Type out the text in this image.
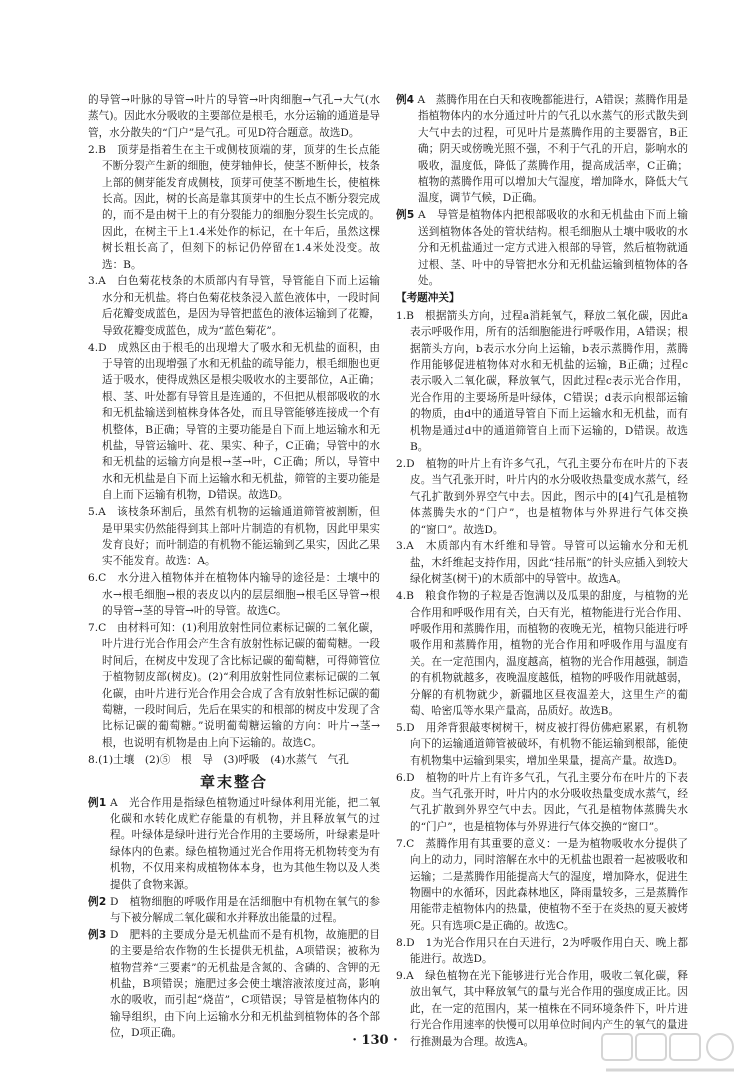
的导管→叶脉的导管→叶片的导管→叶肉细胞→气孔→大气(水蒸气)。因此水分吸收的主要部位是根毛，水分运输的通道是导管，水分散失的“门户”是气孔。可见D符合题意。故选D。

2.B　顶芽是指着生在主干或侧枝顶端的芽，顶芽的生长点能不断分裂产生新的细胞，使芽轴伸长，使茎不断伸长，枝条上部的侧芽能发育成侧枝，顶芽可使茎不断地生长，使植株长高。因此，树的长高是靠其顶芽中的生长点不断分裂完成的，而不是由树干上的有分裂能力的细胞分裂生长完成的。因此，在树主干上1.4米处作的标记，在十年后，虽然这棵树长粗长高了，但刻下的标记仍停留在1.4米处没变。故选：B。

3.A　白色菊花枝条的木质部内有导管，导管能自下而上运输水分和无机盐。将白色菊花枝条浸入蓝色液体中，一段时间后花瓣变成蓝色，是因为导管把蓝色的液体运输到了花瓣，导致花瓣变成蓝色，成为“蓝色菊花”。

4.D　成熟区由于根毛的出现增大了吸水和无机盐的面积，由于导管的出现增强了水和无机盐的疏导能力，根毛细胞也更适于吸水，使得成熟区是根尖吸收水的主要部位，A正确；根、茎、叶处都有导管且是连通的，不但把从根部吸收的水和无机盐输送到植株身体各处，而且导管能够连接成一个有机整体，B正确；导管的主要功能是自下而上地运输水和无机盐，导管运输叶、花、果实、种子，C正确；导管中的水和无机盐的运输方向是根→茎→叶，C正确；所以，导管中水和无机盐是自下而上运输水和无机盐，筛管的主要功能是自上而下运输有机物，D错误。故选D。

5.A　该枝条环割后，虽然有机物的运输通道筛管被割断，但是甲果实仍然能得到其上部叶片制造的有机物，因此甲果实发育良好；而叶制造的有机物不能运输到乙果实，因此乙果实不能发育。故选：A。

6.C　水分进入植物体并在植物体内输导的途径是：土壤中的水→根毛细胞→根的表皮以内的层层细胞→根毛区导管→根的导管→茎的导管→叶的导管。故选C。

7.C　由材料可知：(1)利用放射性同位素标记碳的二氧化碳，叶片进行光合作用会产生含有放射性标记碳的葡萄糖。一段时间后，在树皮中发现了含比标记碳的葡萄糖，可得筛管位于植物韧皮部(树皮)。(2)“利用放射性同位素标记碳的二氧化碳，由叶片进行光合作用会合成了含有放射性标记碳的葡萄糖，一段时间后，先后在果实的和根部的树皮中发现了含比标记碳的葡萄糖。”说明葡萄糖运输的方向：叶片→茎→根，也说明有机物是由上向下运输的。故选C。

8.(1)土壤　(2)⑤　根　导　(3)呼吸　(4)水蒸气　气孔

章末整合

例1 A　光合作用是指绿色植物通过叶绿体利用光能，把二氧化碳和水转化成贮存能量的有机物，并且释放氧气的过程。叶绿体是绿叶进行光合作用的主要场所，叶绿素是叶绿体内的色素。绿色植物通过光合作用将无机物转变为有机物，不仅用来构成植物体本身，也为其他生物以及人类提供了食物来源。

例2 D　植物细胞的呼吸作用是在活细胞中有机物在氧气的参与下被分解成二氧化碳和水并释放出能量的过程。

例3 D　肥料的主要成分是无机盐而不是有机物，故施肥的目的主要是给农作物的生长提供无机盐，A项错误；被称为植物营养“三要素”的无机盐是含氮的、含磷的、含钾的无机盐，B项错误；施肥过多会使土壤溶液浓度过高，影响水的吸收，而引起“烧苗”，C项错误；导管是植物体内的输导组织，由下向上运输水分和无机盐到植物体的各个部位，D项正确。

例4 A　蒸腾作用在白天和夜晚都能进行，A错误；蒸腾作用是指植物体内的水分通过叶片的气孔以水蒸气的形式散失到大气中去的过程，可见叶片是蒸腾作用的主要器官，B正确；阴天或傍晚光照不强，不利于气孔的开启，影响水的吸收，温度低，降低了蒸腾作用，提高成活率，C正确；植物的蒸腾作用可以增加大气湿度，增加降水，降低大气温度，调节气候，D正确。

例5 A　导管是植物体内把根部吸收的水和无机盐由下而上输送到植物体各处的管状结构。根毛细胞从土壤中吸收的水分和无机盐通过一定方式进入根部的导管，然后植物就通过根、茎、叶中的导管把水分和无机盐运输到植物体的各处。

【考题冲关】

1.B　根据箭头方向，过程a消耗氧气，释放二氧化碳，因此a表示呼吸作用，所有的活细胞能进行呼吸作用，A错误；根据箭头方向，b表示水分向上运输，b表示蒸腾作用，蒸腾作用能够促进植物体对水和无机盐的运输，B正确；过程c表示吸入二氧化碳，释放氧气，因此过程c表示光合作用，光合作用的主要场所是叶绿体，C错误；d表示向根部运输的物质，由d中的通道导管自下而上运输水和无机盐，而有机物是通过d中的通道筛管自上而下运输的，D错误。故选B。

2.D　植物的叶片上有许多气孔，气孔主要分布在叶片的下表皮。当气孔张开时，叶片内的水分吸收热量变成水蒸气，经气孔扩散到外界空气中去。因此，图示中的[4]气孔是植物体蒸腾失水的“门户”，也是植物体与外界进行气体交换的“窗口”。故选D。

3.A　木质部内有木纤维和导管。导管可以运输水分和无机盐，木纤维起支持作用，因此“挂吊瓶”的针头应插入到较大绿化树茎(树干)的木质部中的导管中。故选A。

4.B　粮食作物的子粒是否饱满以及瓜果的甜度，与植物的光合作用和呼吸作用有关，白天有光，植物能进行光合作用、呼吸作用和蒸腾作用，而植物的夜晚无光，植物只能进行呼吸作用和蒸腾作用，植物的光合作用和呼吸作用与温度有关。在一定范围内，温度越高，植物的光合作用越强，制造的有机物就越多，夜晚温度越低，植物的呼吸作用就越弱，分解的有机物就少，新疆地区昼夜温差大，这里生产的葡萄、哈密瓜等水果产量高，品质好。故选B。

5.D　用斧背狠敲枣树树干，树皮被打得仿佛疤累累，有机物向下的运输通道筛管被破坏，有机物不能运输到根部，能使有机物集中运输到果实，增加坐果量，提高产量。故选D。

6.D　植物的叶片上有许多气孔，气孔主要分布在叶片的下表皮。当气孔张开时，叶片内的水分吸收热量变成水蒸气，经气孔扩散到外界空气中去。因此，气孔是植物体蒸腾失水的“门户”，也是植物体与外界进行气体交换的“窗口”。

7.C　蒸腾作用有其重要的意义：一是为植物吸收水分提供了向上的动力，同时溶解在水中的无机盐也跟着一起被吸收和运输；二是蒸腾作用能提高大气的湿度，增加降水，促进生物圈中的水循环，因此森林地区，降雨量较多，三是蒸腾作用能带走植物体内的热量，使植物不至于在炎热的夏天被烤死。只有选项C是正确的。故选C。

8.D　1为光合作用只在白天进行，2为呼吸作用白天、晚上都能进行。故选D。

9.A　绿色植物在光下能够进行光合作用，吸收二氧化碳，释放出氧气，其中释放氧气的量与光合作用的强度成正比。因此，在一定的范围内，某一植株在不同环境条件下，叶片进行光合作用速率的快慢可以用单位时间内产生的氧气的量进行推测最为合理。故选A。

· 130 ·
